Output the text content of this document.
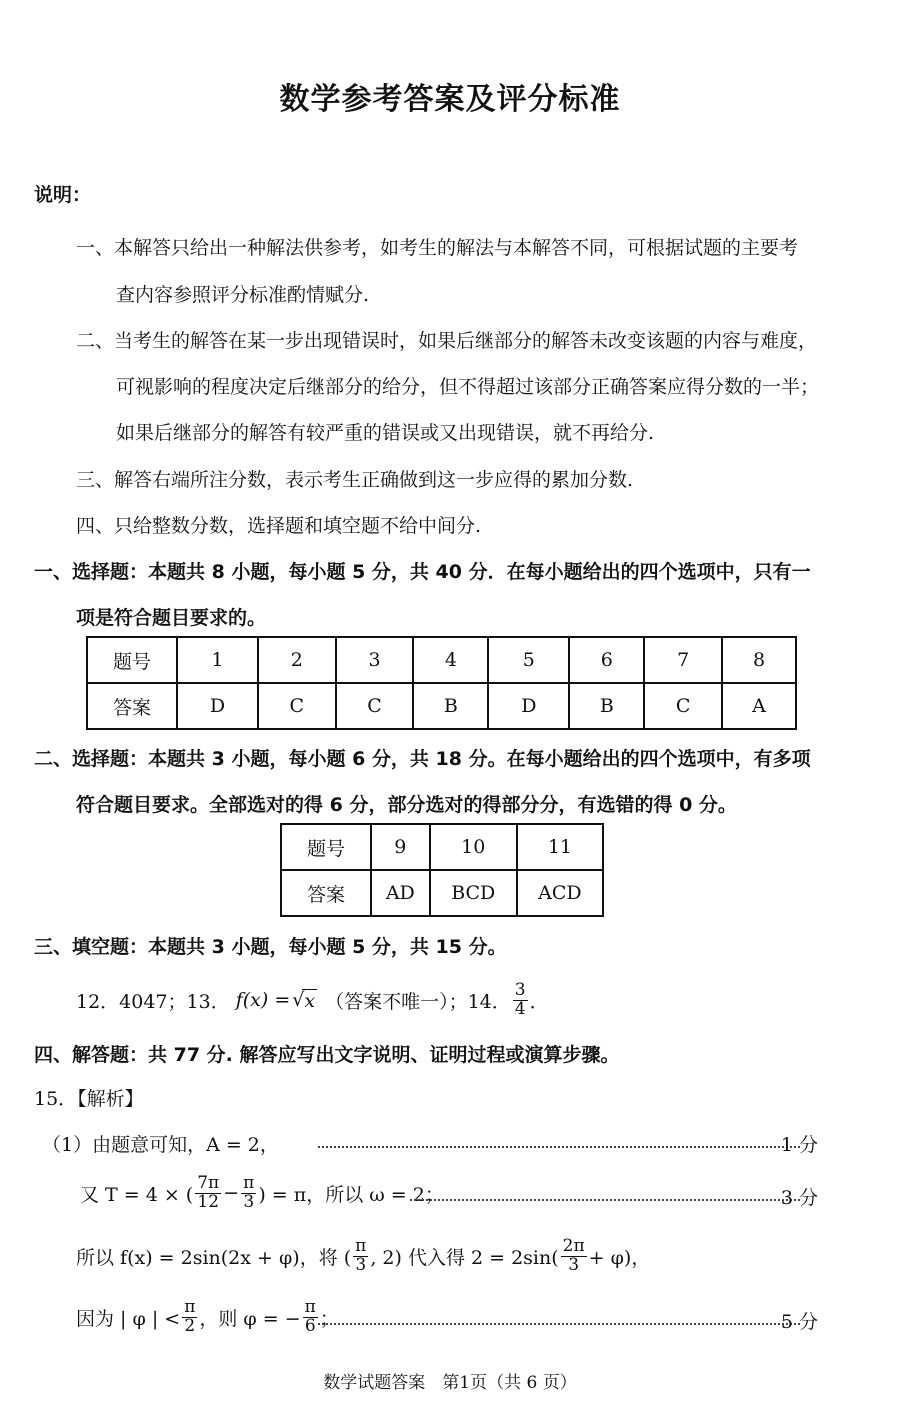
数学参考答案及评分标准
说明：
一、本解答只给出一种解法供参考，如考生的解法与本解答不同，可根据试题的主要考
查内容参照评分标准酌情赋分.
二、当考生的解答在某一步出现错误时，如果后继部分的解答未改变该题的内容与难度，
可视影响的程度决定后继部分的给分，但不得超过该部分正确答案应得分数的一半；
如果后继部分的解答有较严重的错误或又出现错误，就不再给分.
三、解答右端所注分数，表示考生正确做到这一步应得的累加分数.
四、只给整数分数，选择题和填空题不给中间分.
一、选择题：本题共 8 小题，每小题 5 分，共 40 分．在每小题给出的四个选项中，只有一
项是符合题目要求的。
题号	1	2	3	4	5	6	7	8
答案	D	C	C	B	D	B	C	A
二、选择题：本题共 3 小题，每小题 6 分，共 18 分。在每小题给出的四个选项中，有多项
符合题目要求。全部选对的得 6 分，部分选对的得部分分，有选错的得 0 分。
题号	9	10	11
答案	AD	BCD	ACD
三、填空题：本题共 3 小题，每小题 5 分，共 15 分。
12．4047；13． f(x) = √ x （答案不唯一）；14． $\frac{3}{4}$ ．
四、解答题：共 77 分. 解答应写出文字说明、证明过程或演算步骤。
15．【解析】
（1）由题意可知，A = 2，	1 分
又 T = 4 × ( $\frac{7\pi}{12} - \frac{\pi}{3}$ ) = π，所以 ω = 2；	3 分
所以 f(x) = 2sin(2x + φ)，将 ( $\frac{\pi}{3}$ , 2) 代入得 $2 = 2\sin( \frac{2\pi}{3} + \varphi)$，
因为 | φ | < $\frac{\pi}{2}$ ，则 φ = − $\frac{\pi}{6}$ ；	5 分
数学试题答案　第1页（共 6 页）
